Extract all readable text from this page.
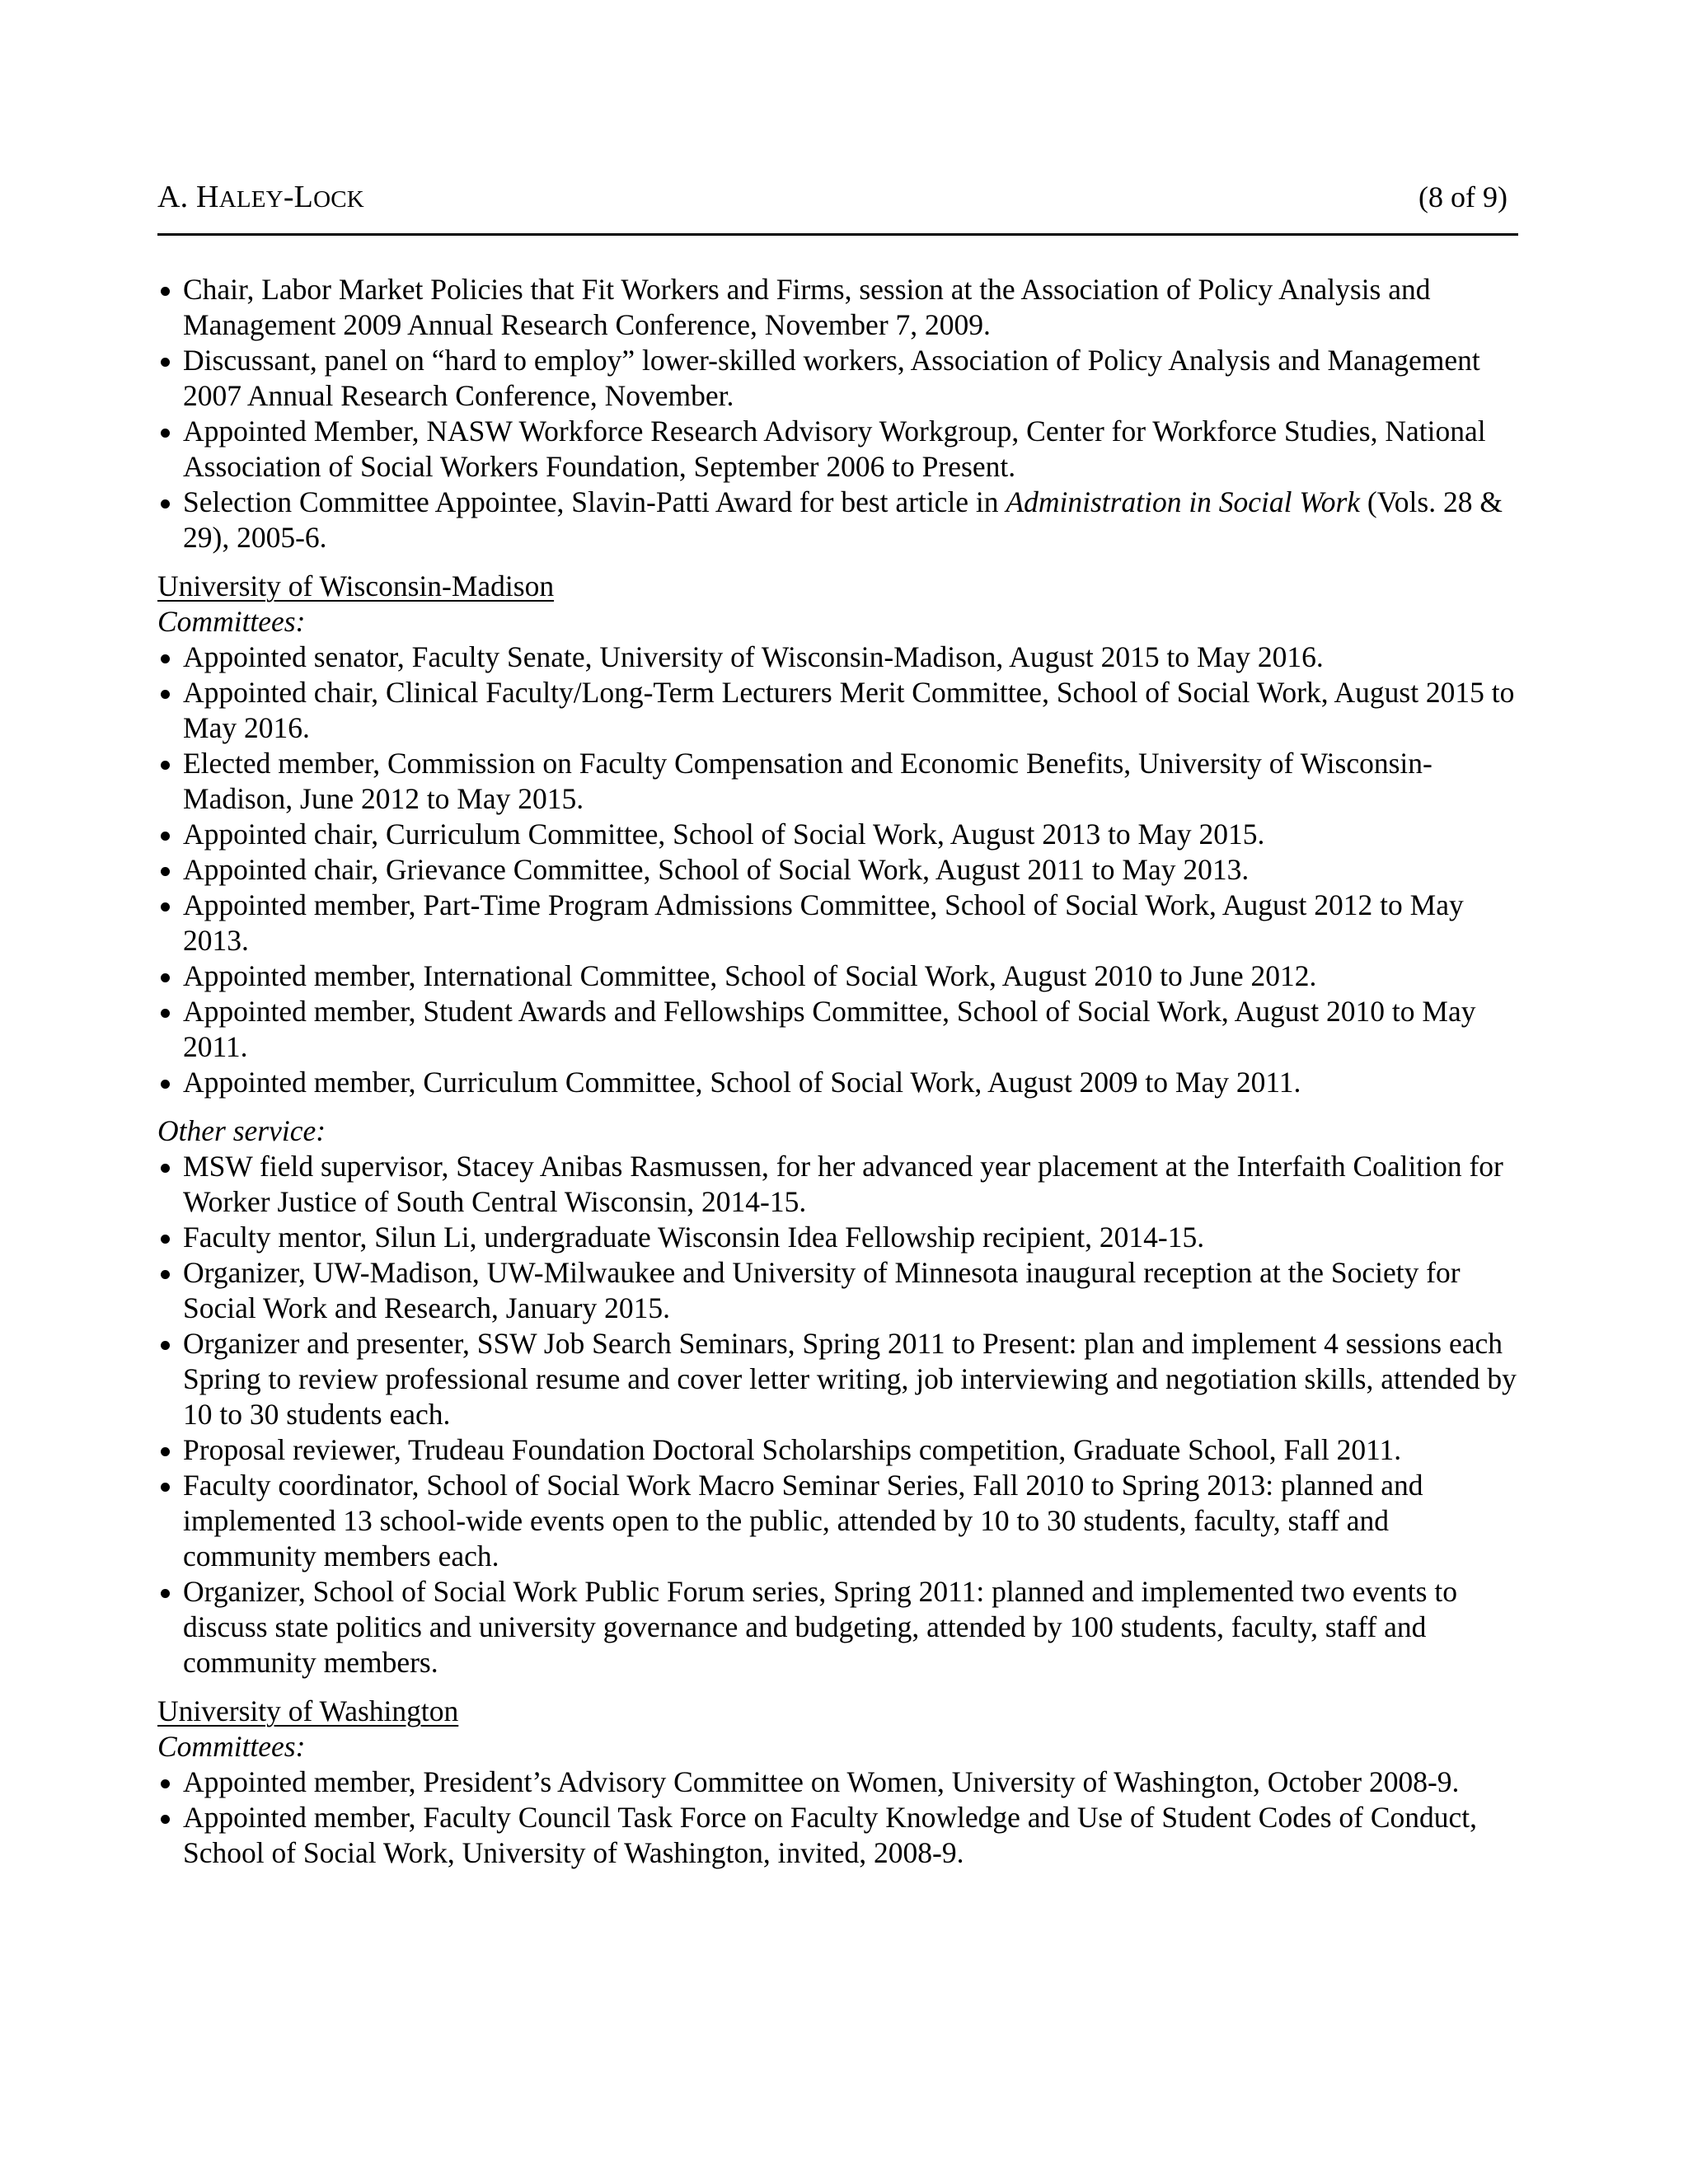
A. HALEY-LOCK	(8 of 9)
Chair, Labor Market Policies that Fit Workers and Firms, session at the Association of Policy Analysis and Management 2009 Annual Research Conference, November 7, 2009.
Discussant, panel on “hard to employ” lower-skilled workers, Association of Policy Analysis and Management 2007 Annual Research Conference, November.
Appointed Member, NASW Workforce Research Advisory Workgroup, Center for Workforce Studies, National Association of Social Workers Foundation, September 2006 to Present.
Selection Committee Appointee, Slavin-Patti Award for best article in Administration in Social Work (Vols. 28 & 29), 2005-6.
University of Wisconsin-Madison
Committees:
Appointed senator, Faculty Senate, University of Wisconsin-Madison, August 2015 to May 2016.
Appointed chair, Clinical Faculty/Long-Term Lecturers Merit Committee, School of Social Work, August 2015 to May 2016.
Elected member, Commission on Faculty Compensation and Economic Benefits, University of Wisconsin-Madison, June 2012 to May 2015.
Appointed chair, Curriculum Committee, School of Social Work, August 2013 to May 2015.
Appointed chair, Grievance Committee, School of Social Work, August 2011 to May 2013.
Appointed member, Part-Time Program Admissions Committee, School of Social Work, August 2012 to May 2013.
Appointed member, International Committee, School of Social Work, August 2010 to June 2012.
Appointed member, Student Awards and Fellowships Committee, School of Social Work, August 2010 to May 2011.
Appointed member, Curriculum Committee, School of Social Work, August 2009 to May 2011.
Other service:
MSW field supervisor, Stacey Anibas Rasmussen, for her advanced year placement at the Interfaith Coalition for Worker Justice of South Central Wisconsin, 2014-15.
Faculty mentor, Silun Li, undergraduate Wisconsin Idea Fellowship recipient, 2014-15.
Organizer, UW-Madison, UW-Milwaukee and University of Minnesota inaugural reception at the Society for Social Work and Research, January 2015.
Organizer and presenter, SSW Job Search Seminars, Spring 2011 to Present: plan and implement 4 sessions each Spring to review professional resume and cover letter writing, job interviewing and negotiation skills, attended by 10 to 30 students each.
Proposal reviewer, Trudeau Foundation Doctoral Scholarships competition, Graduate School, Fall 2011.
Faculty coordinator, School of Social Work Macro Seminar Series, Fall 2010 to Spring 2013: planned and implemented 13 school-wide events open to the public, attended by 10 to 30 students, faculty, staff and community members each.
Organizer, School of Social Work Public Forum series, Spring 2011: planned and implemented two events to discuss state politics and university governance and budgeting, attended by 100 students, faculty, staff and community members.
University of Washington
Committees:
Appointed member, President’s Advisory Committee on Women, University of Washington, October 2008-9.
Appointed member, Faculty Council Task Force on Faculty Knowledge and Use of Student Codes of Conduct, School of Social Work, University of Washington, invited, 2008-9.
